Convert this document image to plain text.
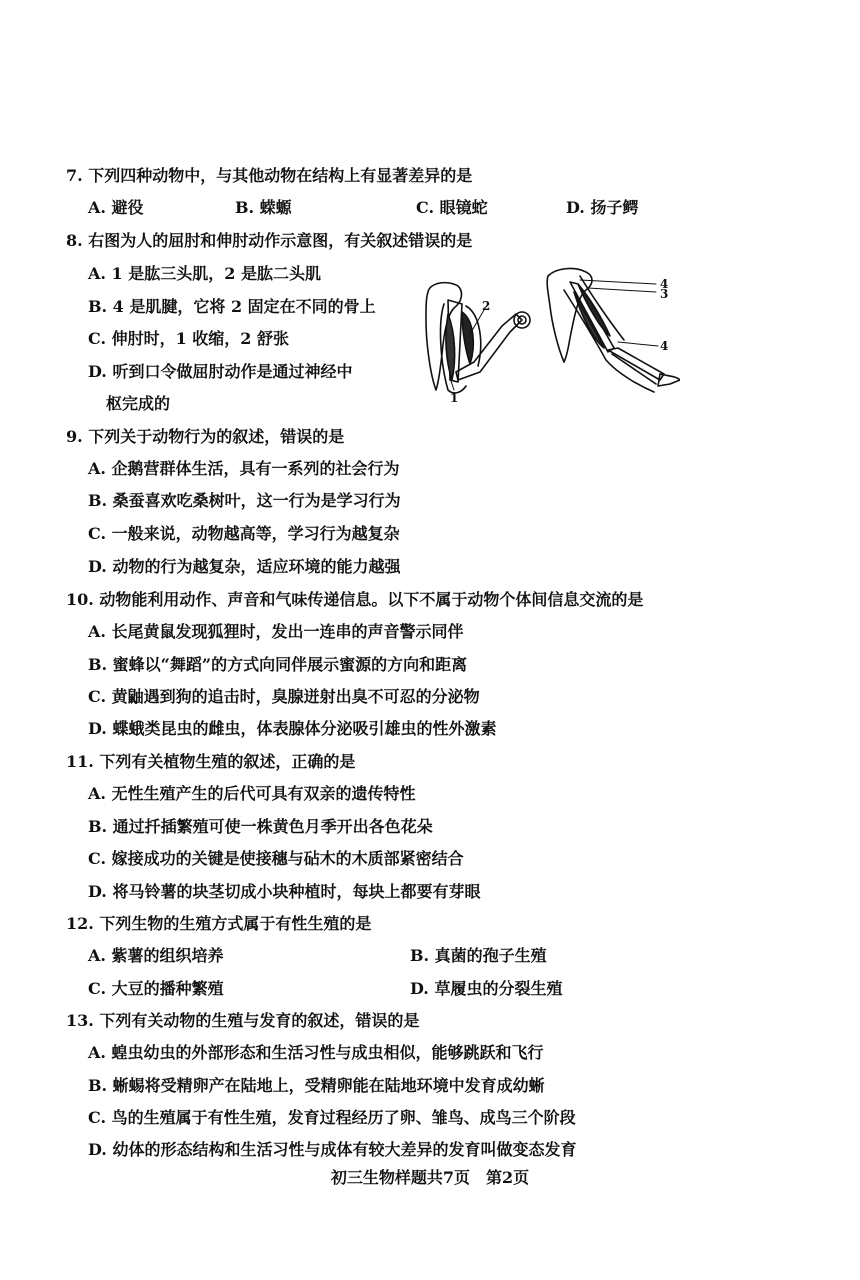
7. 下列四种动物中，与其他动物在结构上有显著差异的是
A. 避役	B. 蝾螈	C. 眼镜蛇	D. 扬子鳄
8. 右图为人的屈肘和伸肘动作示意图，有关叙述错误的是
A. 1 是肱三头肌，2 是肱二头肌
B. 4 是肌腱，它将 2 固定在不同的骨上
C. 伸肘时，1 收缩，2 舒张
D. 听到口令做屈肘动作是通过神经中
枢完成的	1
2
3
4
4
9. 下列关于动物行为的叙述，错误的是
A. 企鹅营群体生活，具有一系列的社会行为
B. 桑蚕喜欢吃桑树叶，这一行为是学习行为
C. 一般来说，动物越高等，学习行为越复杂
D. 动物的行为越复杂，适应环境的能力越强
10. 动物能利用动作、声音和气味传递信息。以下不属于动物个体间信息交流的是
A. 长尾黄鼠发现狐狸时，发出一连串的声音警示同伴
B. 蜜蜂以“舞蹈”的方式向同伴展示蜜源的方向和距离
C. 黄鼬遇到狗的追击时，臭腺迸射出臭不可忍的分泌物
D. 蝶蛾类昆虫的雌虫，体表腺体分泌吸引雄虫的性外激素
11. 下列有关植物生殖的叙述，正确的是
A. 无性生殖产生的后代可具有双亲的遗传特性
B. 通过扦插繁殖可使一株黄色月季开出各色花朵
C. 嫁接成功的关键是使接穗与砧木的木质部紧密结合
D. 将马铃薯的块茎切成小块种植时，每块上都要有芽眼
12. 下列生物的生殖方式属于有性生殖的是
A. 紫薯的组织培养	B. 真菌的孢子生殖
C. 大豆的播种繁殖	D. 草履虫的分裂生殖
13. 下列有关动物的生殖与发育的叙述，错误的是
A. 蝗虫幼虫的外部形态和生活习性与成虫相似，能够跳跃和飞行
B. 蜥蜴将受精卵产在陆地上，受精卵能在陆地环境中发育成幼蜥
C. 鸟的生殖属于有性生殖，发育过程经历了卵、雏鸟、成鸟三个阶段
D. 幼体的形态结构和生活习性与成体有较大差异的发育叫做变态发育
初三生物样题共7页　第2页
